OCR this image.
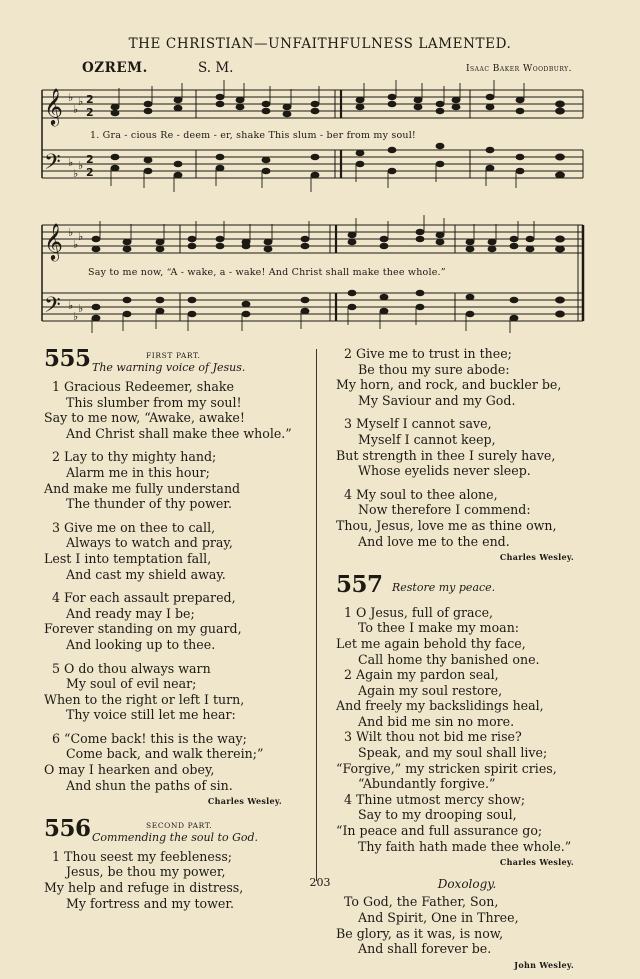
THE CHRISTIAN—UNFAITHFULNESS LAMENTED.
OZREM.	S. M.	Isaac Baker Woodbury.
𝄞
𝄢
♭
♭
♭
♭
♭
♭
2
2
2
2
1. Gra - cious Re - deem - er, shake This slum - ber from my soul!
𝄞
𝄢
♭
♭
♭
♭
♭
♭
Say to me now, “A - wake, a - wake! And Christ shall make thee whole.”
555	FIRST PART.
The warning voice of Jesus.
1 Gracious Redeemer, shake
This slumber from my soul!
Say to me now, “Awake, awake!
And Christ shall make thee whole.”
2 Lay to thy mighty hand;
Alarm me in this hour;
And make me fully understand
The thunder of thy power.
3 Give me on thee to call,
Always to watch and pray,
Lest I into temptation fall,
And cast my shield away.
4 For each assault prepared,
And ready may I be;
Forever standing on my guard,
And looking up to thee.
5 O do thou always warn
My soul of evil near;
When to the right or left I turn,
Thy voice still let me hear:
6 “Come back! this is the way;
Come back, and walk therein;”
O may I hearken and obey,
And shun the paths of sin.
Charles Wesley.
556	SECOND PART.
Commending the soul to God.
1 Thou seest my feebleness;
Jesus, be thou my power,
My help and refuge in distress,
My fortress and my tower.
2 Give me to trust in thee;
Be thou my sure abode:
My horn, and rock, and buckler be,
My Saviour and my God.
3 Myself I cannot save,
Myself I cannot keep,
But strength in thee I surely have,
Whose eyelids never sleep.
4 My soul to thee alone,
Now therefore I commend:
Thou, Jesus, love me as thine own,
And love me to the end.
Charles Wesley.
557 Restore my peace.
1 O Jesus, full of grace,
To thee I make my moan:
Let me again behold thy face,
Call home thy banished one.
2 Again my pardon seal,
Again my soul restore,
And freely my backslidings heal,
And bid me sin no more.
3 Wilt thou not bid me rise?
Speak, and my soul shall live;
“Forgive,” my stricken spirit cries,
“Abundantly forgive.”
4 Thine utmost mercy show;
Say to my drooping soul,
“In peace and full assurance go;
Thy faith hath made thee whole.”
Charles Wesley.
Doxology.
To God, the Father, Son,
And Spirit, One in Three,
Be glory, as it was, is now,
And shall forever be.
John Wesley.
203
